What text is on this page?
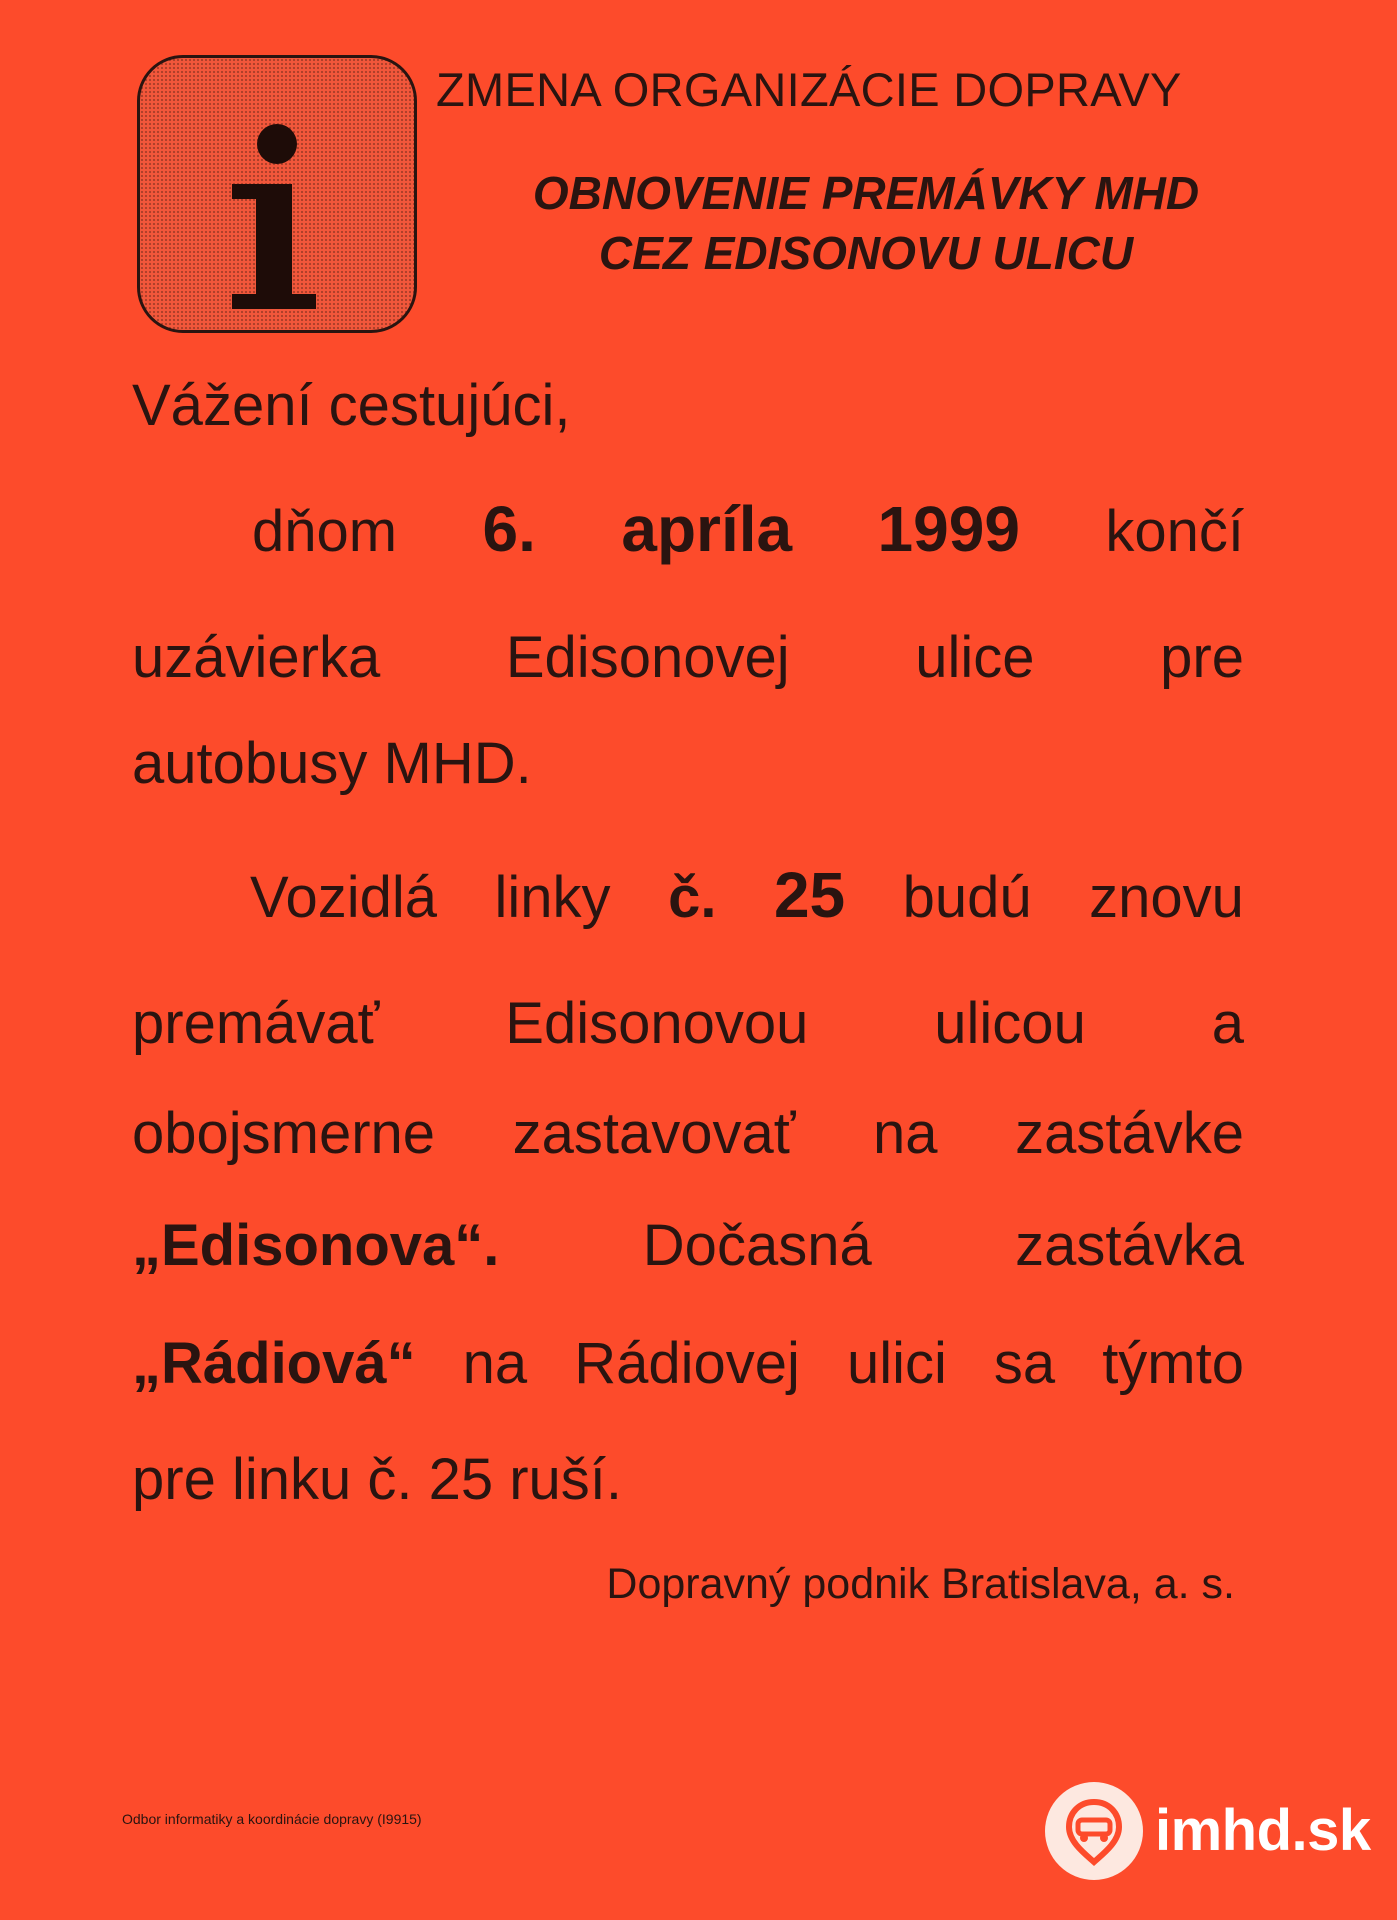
ZMENA ORGANIZÁCIE DOPRAVY
OBNOVENIE PREMÁVKY MHD
CEZ EDISONOVU ULICU
Vážení cestujúci,
dňom 6. apríla 1999 končí
uzávierka Edisonovej ulice pre
autobusy MHD.
Vozidlá linky č. 25 budú znovu
premávať Edisonovou ulicou a
obojsmerne zastavovať na zastávke
„Edisonova“. Dočasná zastávka
„Rádiová“ na Rádiovej ulici sa týmto
pre linku č. 25 ruší.
Dopravný podnik Bratislava, a. s.
Odbor informatiky a koordinácie dopravy (I9915)	imhd.sk
